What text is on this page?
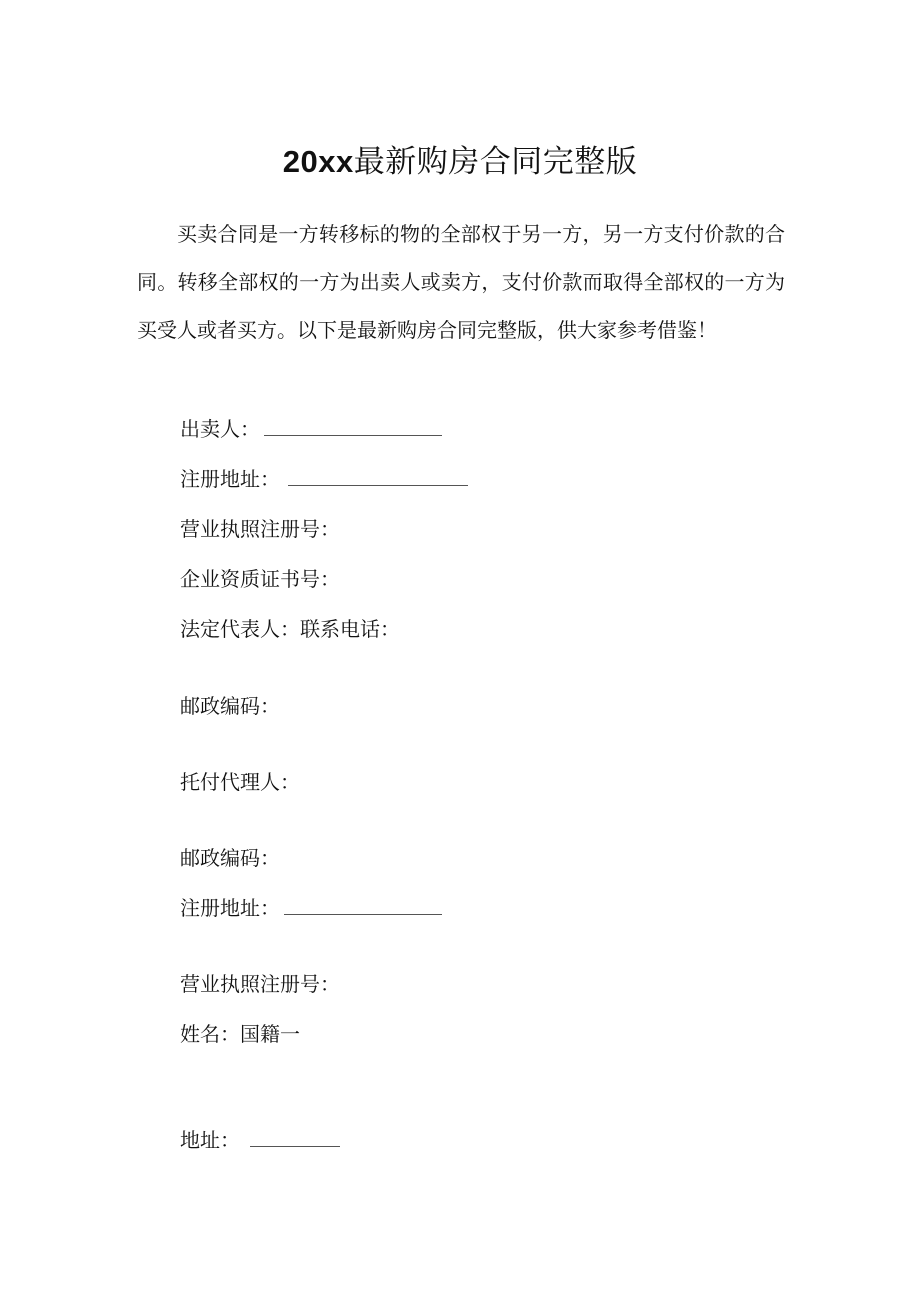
20xx最新购房合同完整版

买卖合同是一方转移标的物的全部权于另一方，另一方支付价款的合同。转移全部权的一方为出卖人或卖方，支付价款而取得全部权的一方为买受人或者买方。以下是最新购房合同完整版，供大家参考借鉴！

出卖人：
注册地址：
营业执照注册号：
企业资质证书号：
法定代表人：联系电话：
邮政编码：
托付代理人：
邮政编码：
注册地址：
营业执照注册号：
姓名：国籍一
地址：
